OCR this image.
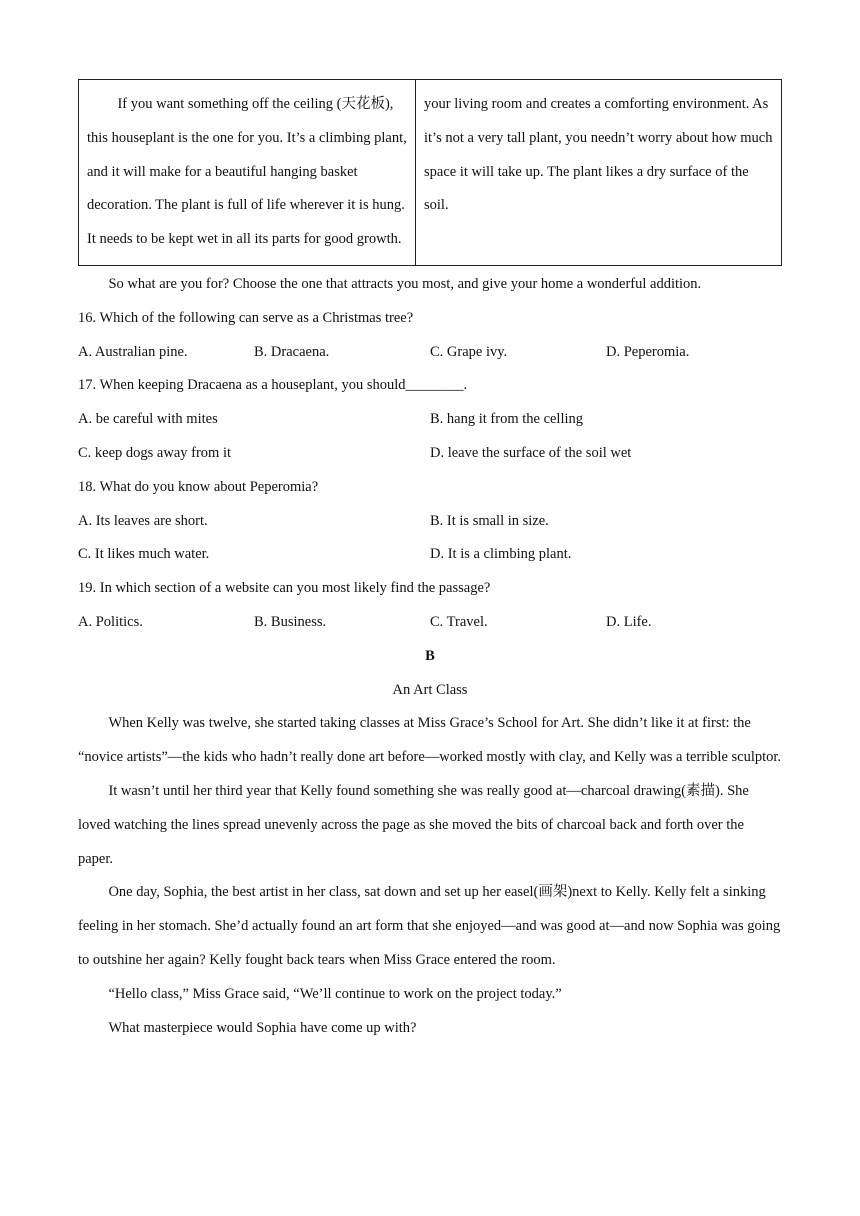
If you want something off the ceiling (天花板), this houseplant is the one for you. It’s a climbing plant, and it will make for a beautiful hanging basket decoration. The plant is full of life wherever it is hung. It needs to be kept wet in all its parts for good growth.	your living room and creates a comforting environment. As it’s not a very tall plant, you needn’t worry about how much space it will take up. The plant likes a dry surface of the soil.

So what are you for? Choose the one that attracts you most, and give your home a wonderful addition.

16. Which of the following can serve as a Christmas tree?

A. Australian pine.	B. Dracaena.	C. Grape ivy.	D. Peperomia.

17. When keeping Dracaena as a houseplant, you should________.

A. be careful with mites	B. hang it from the celling
C. keep dogs away from it	D. leave the surface of the soil wet

18. What do you know about Peperomia?

A. Its leaves are short.	B. It is small in size.
C. It likes much water.	D. It is a climbing plant.

19. In which section of a website can you most likely find the passage?

A. Politics.	B. Business.	C. Travel.	D. Life.

B

An Art Class

When Kelly was twelve, she started taking classes at Miss Grace’s School for Art. She didn’t like it at first: the “novice artists”—the kids who hadn’t really done art before—worked mostly with clay, and Kelly was a terrible sculptor.

It wasn’t until her third year that Kelly found something she was really good at—charcoal drawing(素描). She loved watching the lines spread unevenly across the page as she moved the bits of charcoal back and forth over the paper.

One day, Sophia, the best artist in her class, sat down and set up her easel(画架)next to Kelly. Kelly felt a sinking feeling in her stomach. She’d actually found an art form that she enjoyed—and was good at—and now Sophia was going to outshine her again? Kelly fought back tears when Miss Grace entered the room.

“Hello class,” Miss Grace said, “We’ll continue to work on the project today.”

What masterpiece would Sophia have come up with?
